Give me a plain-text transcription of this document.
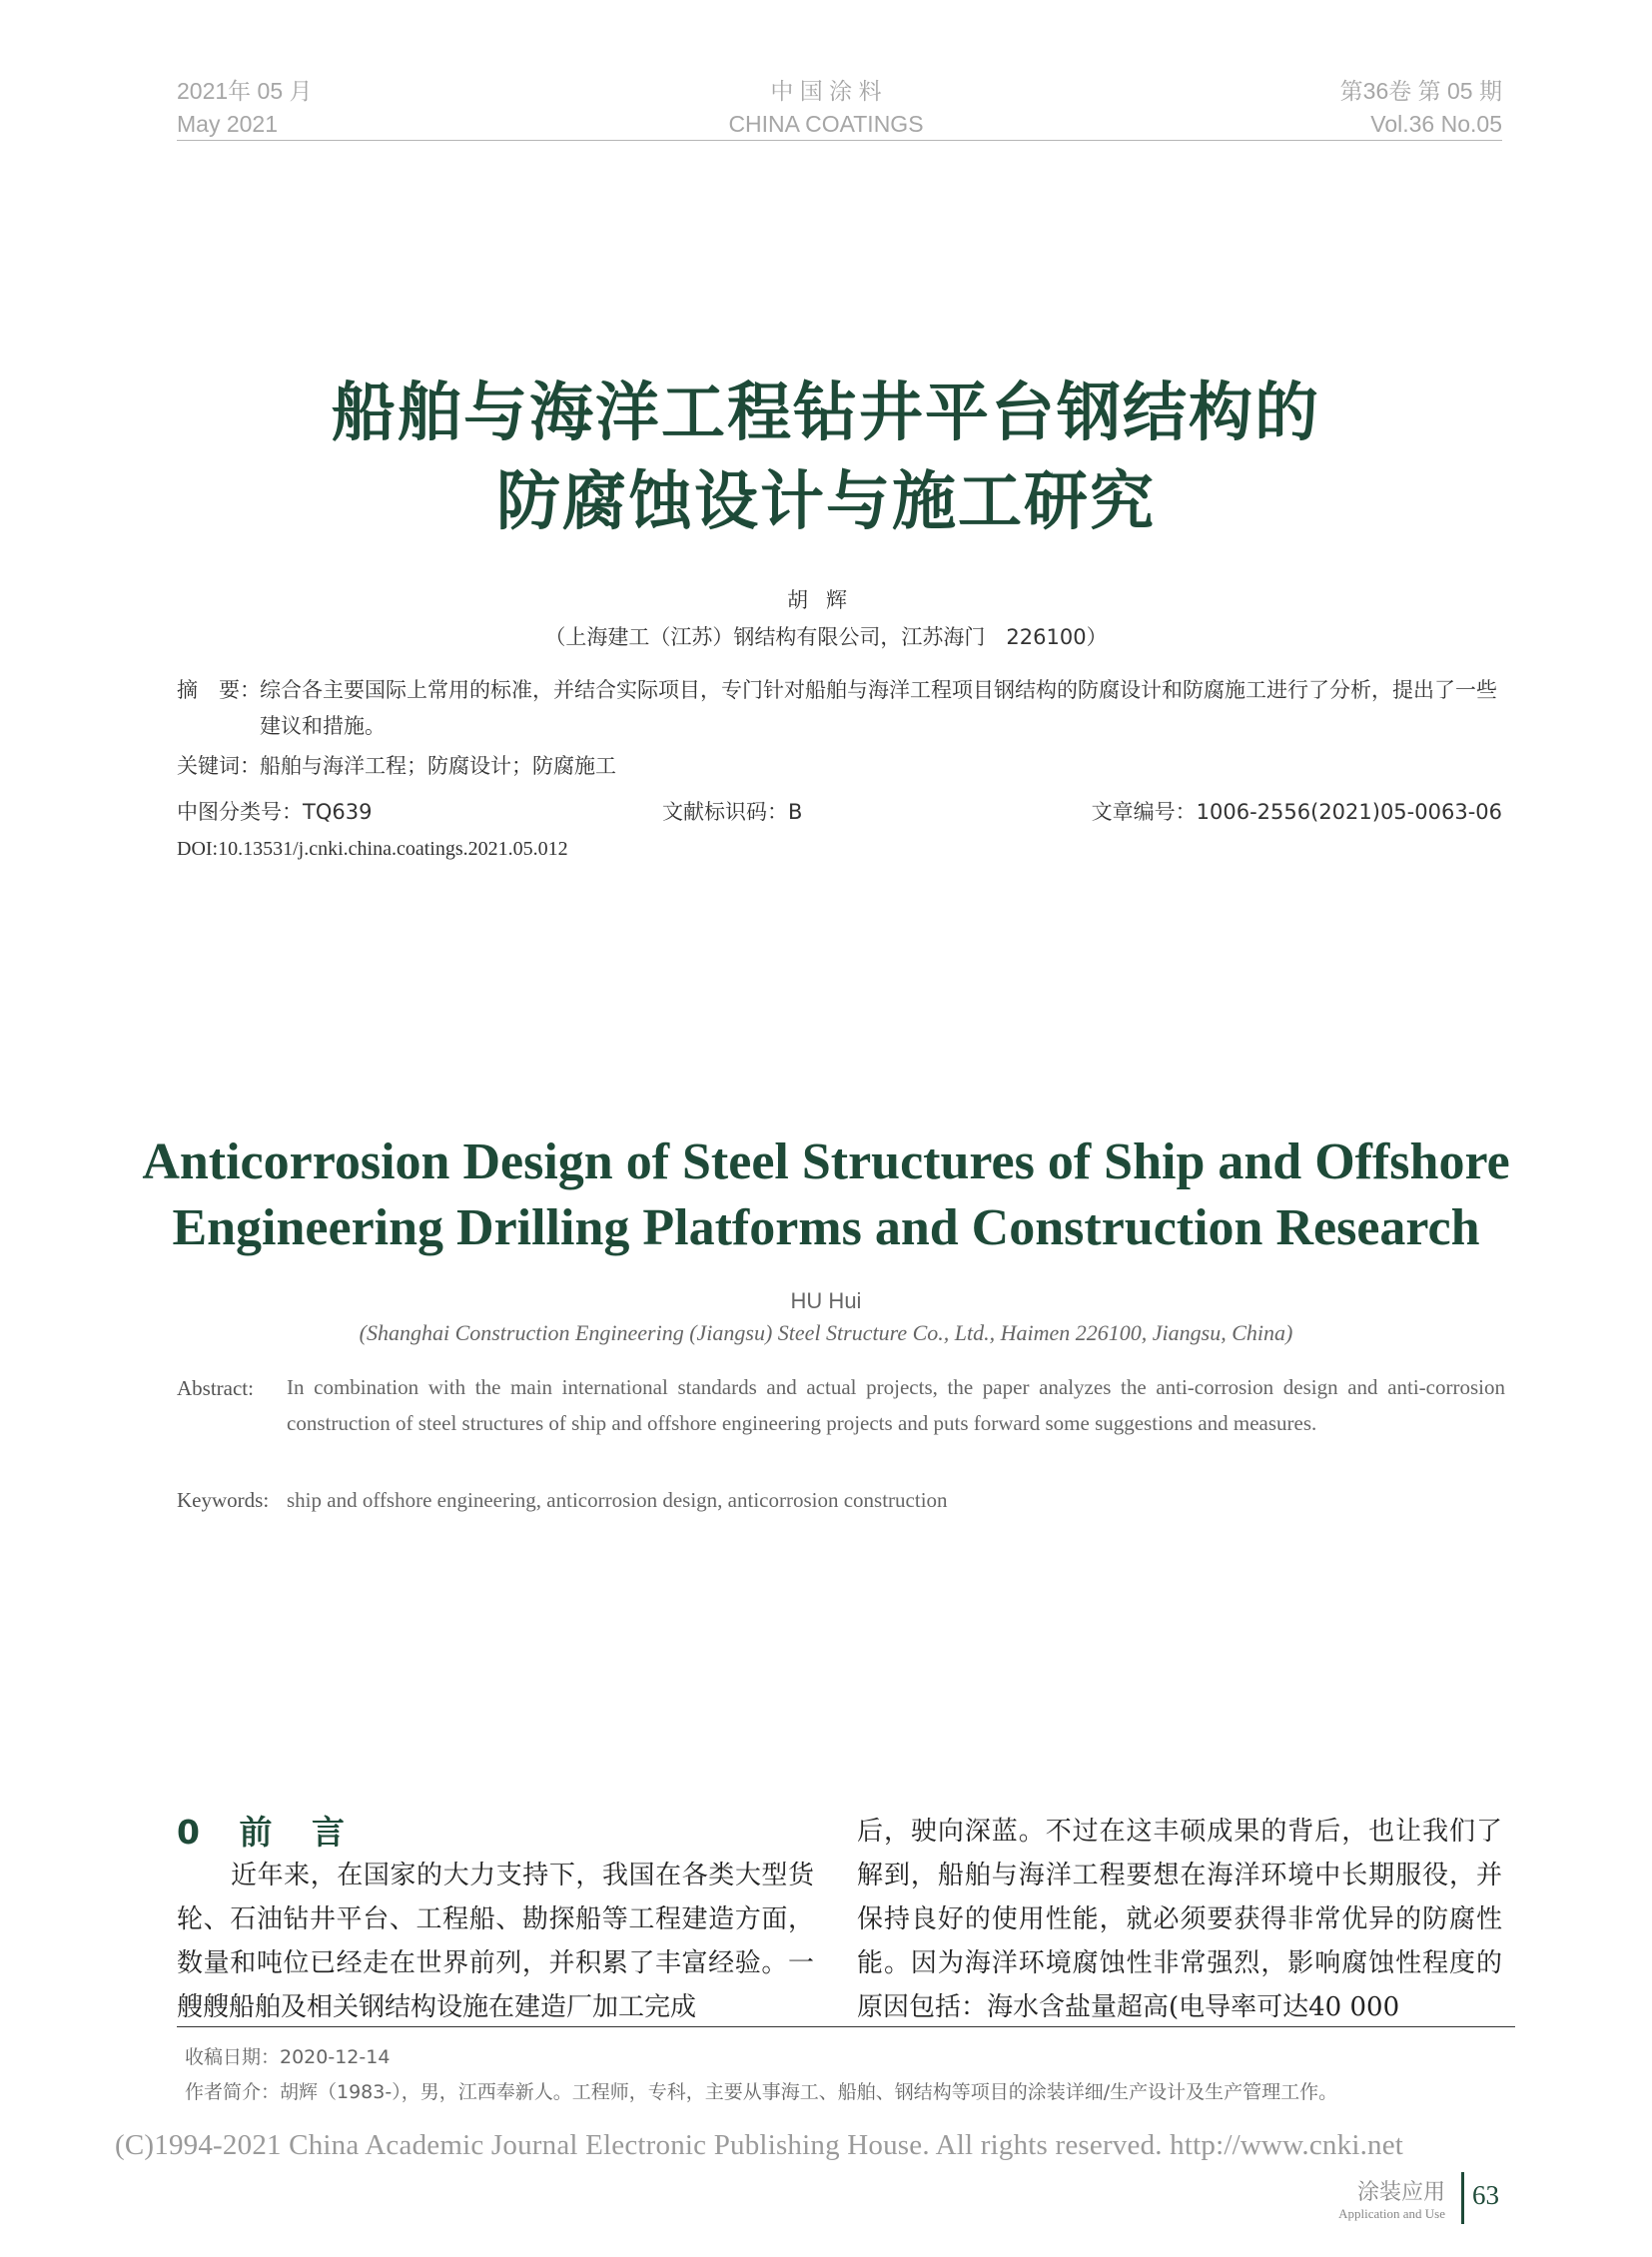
2021年 05 月
May 2021
中 国 涂 料
CHINA COATINGS
第36卷 第 05 期
Vol.36 No.05
船舶与海洋工程钻井平台钢结构的
防腐蚀设计与施工研究
胡辉
（上海建工（江苏）钢结构有限公司，江苏海门　226100）
摘　要： 综合各主要国际上常用的标准，并结合实际项目，专门针对船舶与海洋工程项目钢结构的防腐设计和防腐施工进行了分析，提出了一些建议和措施。
关键词： 船舶与海洋工程；防腐设计；防腐施工
中图分类号：TQ639	文献标识码：B	文章编号：1006-2556(2021)05-0063-06
DOI:10.13531/j.cnki.china.coatings.2021.05.012
Anticorrosion Design of Steel Structures of Ship and Offshore
Engineering Drilling Platforms and Construction Research
HU Hui
(Shanghai Construction Engineering (Jiangsu) Steel Structure Co., Ltd., Haimen 226100, Jiangsu, China)
Abstract: In combination with the main international standards and actual projects, the paper analyzes the anti-corrosion design and anti-corrosion construction of steel structures of ship and offshore engineering projects and puts forward some suggestions and measures.
Keywords: ship and offshore engineering, anticorrosion design, anticorrosion construction
0 前 言
近年来，在国家的大力支持下，我国在各类大型货轮、石油钻井平台、工程船、勘探船等工程建造方面，数量和吨位已经走在世界前列，并积累了丰富经验。一艘艘船舶及相关钢结构设施在建造厂加工完成
后，驶向深蓝。不过在这丰硕成果的背后，也让我们了解到，船舶与海洋工程要想在海洋环境中长期服役，并保持良好的使用性能，就必须要获得非常优异的防腐性能。因为海洋环境腐蚀性非常强烈，影响腐蚀性程度的原因包括：海水含盐量超高(电导率可达40 000
收稿日期：2020-12-14
作者简介：胡辉（1983-），男，江西奉新人。工程师，专科，主要从事海工、船舶、钢结构等项目的涂装详细/生产设计及生产管理工作。
(C)1994-2021 China Academic Journal Electronic Publishing House. All rights reserved. http://www.cnki.net
涂装应用
Application and Use
63
